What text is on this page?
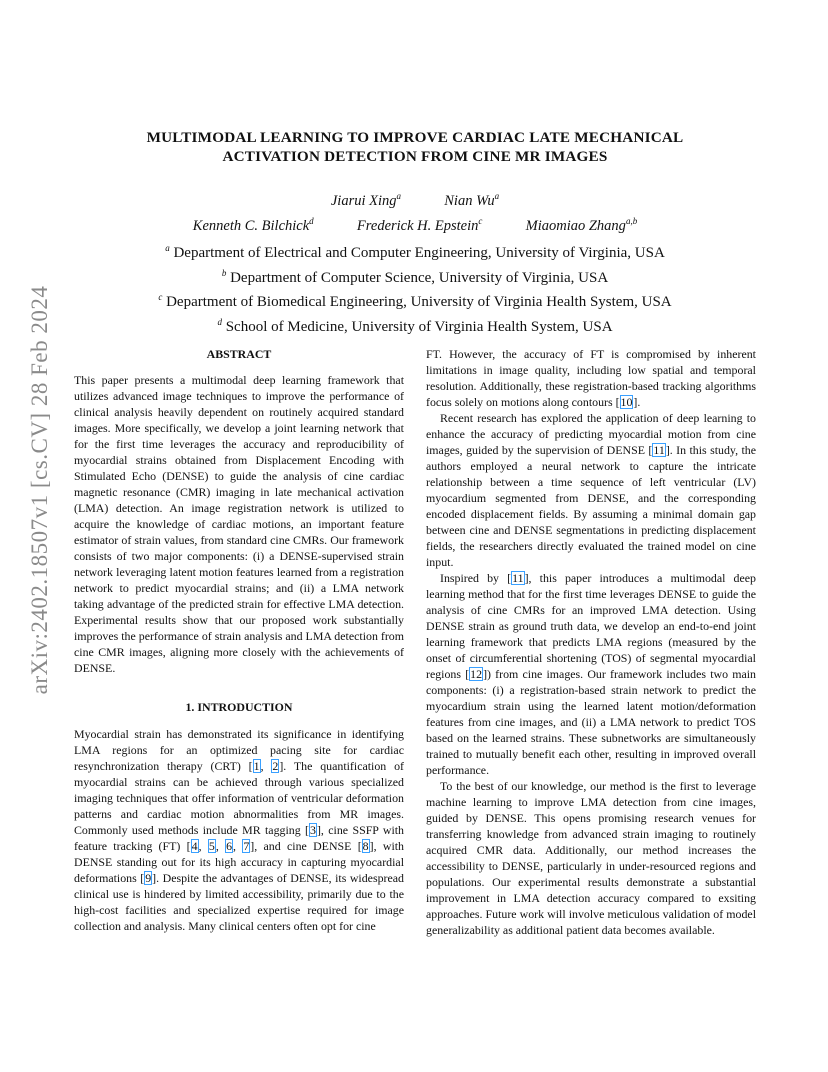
arXiv:2402.18507v1 [cs.CV] 28 Feb 2024
MULTIMODAL LEARNING TO IMPROVE CARDIAC LATE MECHANICAL
ACTIVATION DETECTION FROM CINE MR IMAGES
Jiarui Xing$^a$	Nian Wu$^a$
Kenneth C. Bilchick$^d$	Frederick H. Epstein$^c$	Miaomiao Zhang$^{a,b}$
$^a$ Department of Electrical and Computer Engineering, University of Virginia, USA
$^b$ Department of Computer Science, University of Virginia, USA
$^c$ Department of Biomedical Engineering, University of Virginia Health System, USA
$^d$ School of Medicine, University of Virginia Health System, USA
ABSTRACT

This paper presents a multimodal deep learning framework that utilizes advanced image techniques to improve the performance of clinical analysis heavily dependent on routinely acquired standard images. More specifically, we develop a joint learning network that for the first time leverages the accuracy and reproducibility of myocardial strains obtained from Displacement Encoding with Stimulated Echo (DENSE) to guide the analysis of cine cardiac magnetic resonance (CMR) imaging in late mechanical activation (LMA) detection. An image registration network is utilized to acquire the knowledge of cardiac motions, an important feature estimator of strain values, from standard cine CMRs. Our framework consists of two major components: (i) a DENSE-supervised strain network leveraging latent motion features learned from a registration network to predict myocardial strains; and (ii) a LMA network taking advantage of the predicted strain for effective LMA detection. Experimental results show that our proposed work substantially improves the performance of strain analysis and LMA detection from cine CMR images, aligning more closely with the achievements of DENSE.

1. INTRODUCTION

Myocardial strain has demonstrated its significance in identifying LMA regions for an optimized pacing site for cardiac resynchronization therapy (CRT) [1, 2]. The quantification of myocardial strains can be achieved through various specialized imaging techniques that offer information of ventricular deformation patterns and cardiac motion abnormalities from MR images. Commonly used methods include MR tagging [3], cine SSFP with feature tracking (FT) [4, 5, 6, 7], and cine DENSE [8], with DENSE standing out for its high accuracy in capturing myocardial deformations [9]. Despite the advantages of DENSE, its widespread clinical use is hindered by limited accessibility, primarily due to the high-cost facilities and specialized expertise required for image collection and analysis. Many clinical centers often opt for cine

FT. However, the accuracy of FT is compromised by inherent limitations in image quality, including low spatial and temporal resolution. Additionally, these registration-based tracking algorithms focus solely on motions along contours [10].

Recent research has explored the application of deep learning to enhance the accuracy of predicting myocardial motion from cine images, guided by the supervision of DENSE [11]. In this study, the authors employed a neural network to capture the intricate relationship between a time sequence of left ventricular (LV) myocardium segmented from DENSE, and the corresponding encoded displacement fields. By assuming a minimal domain gap between cine and DENSE segmentations in predicting displacement fields, the researchers directly evaluated the trained model on cine input.

Inspired by [11], this paper introduces a multimodal deep learning method that for the first time leverages DENSE to guide the analysis of cine CMRs for an improved LMA detection. Using DENSE strain as ground truth data, we develop an end-to-end joint learning framework that predicts LMA regions (measured by the onset of circumferential shortening (TOS) of segmental myocardial regions [12]) from cine images. Our framework includes two main components: (i) a registration-based strain network to predict the myocardium strain using the learned latent motion/deformation features from cine images, and (ii) a LMA network to predict TOS based on the learned strains. These subnetworks are simultaneously trained to mutually benefit each other, resulting in improved overall performance.

To the best of our knowledge, our method is the first to leverage machine learning to improve LMA detection from cine images, guided by DENSE. This opens promising research venues for transferring knowledge from advanced strain imaging to routinely acquired CMR data. Additionally, our method increases the accessibility to DENSE, particularly in under-resourced regions and populations. Our experimental results demonstrate a substantial improvement in LMA detection accuracy compared to exsiting approaches. Future work will involve meticulous validation of model generalizability as additional patient data becomes available.
